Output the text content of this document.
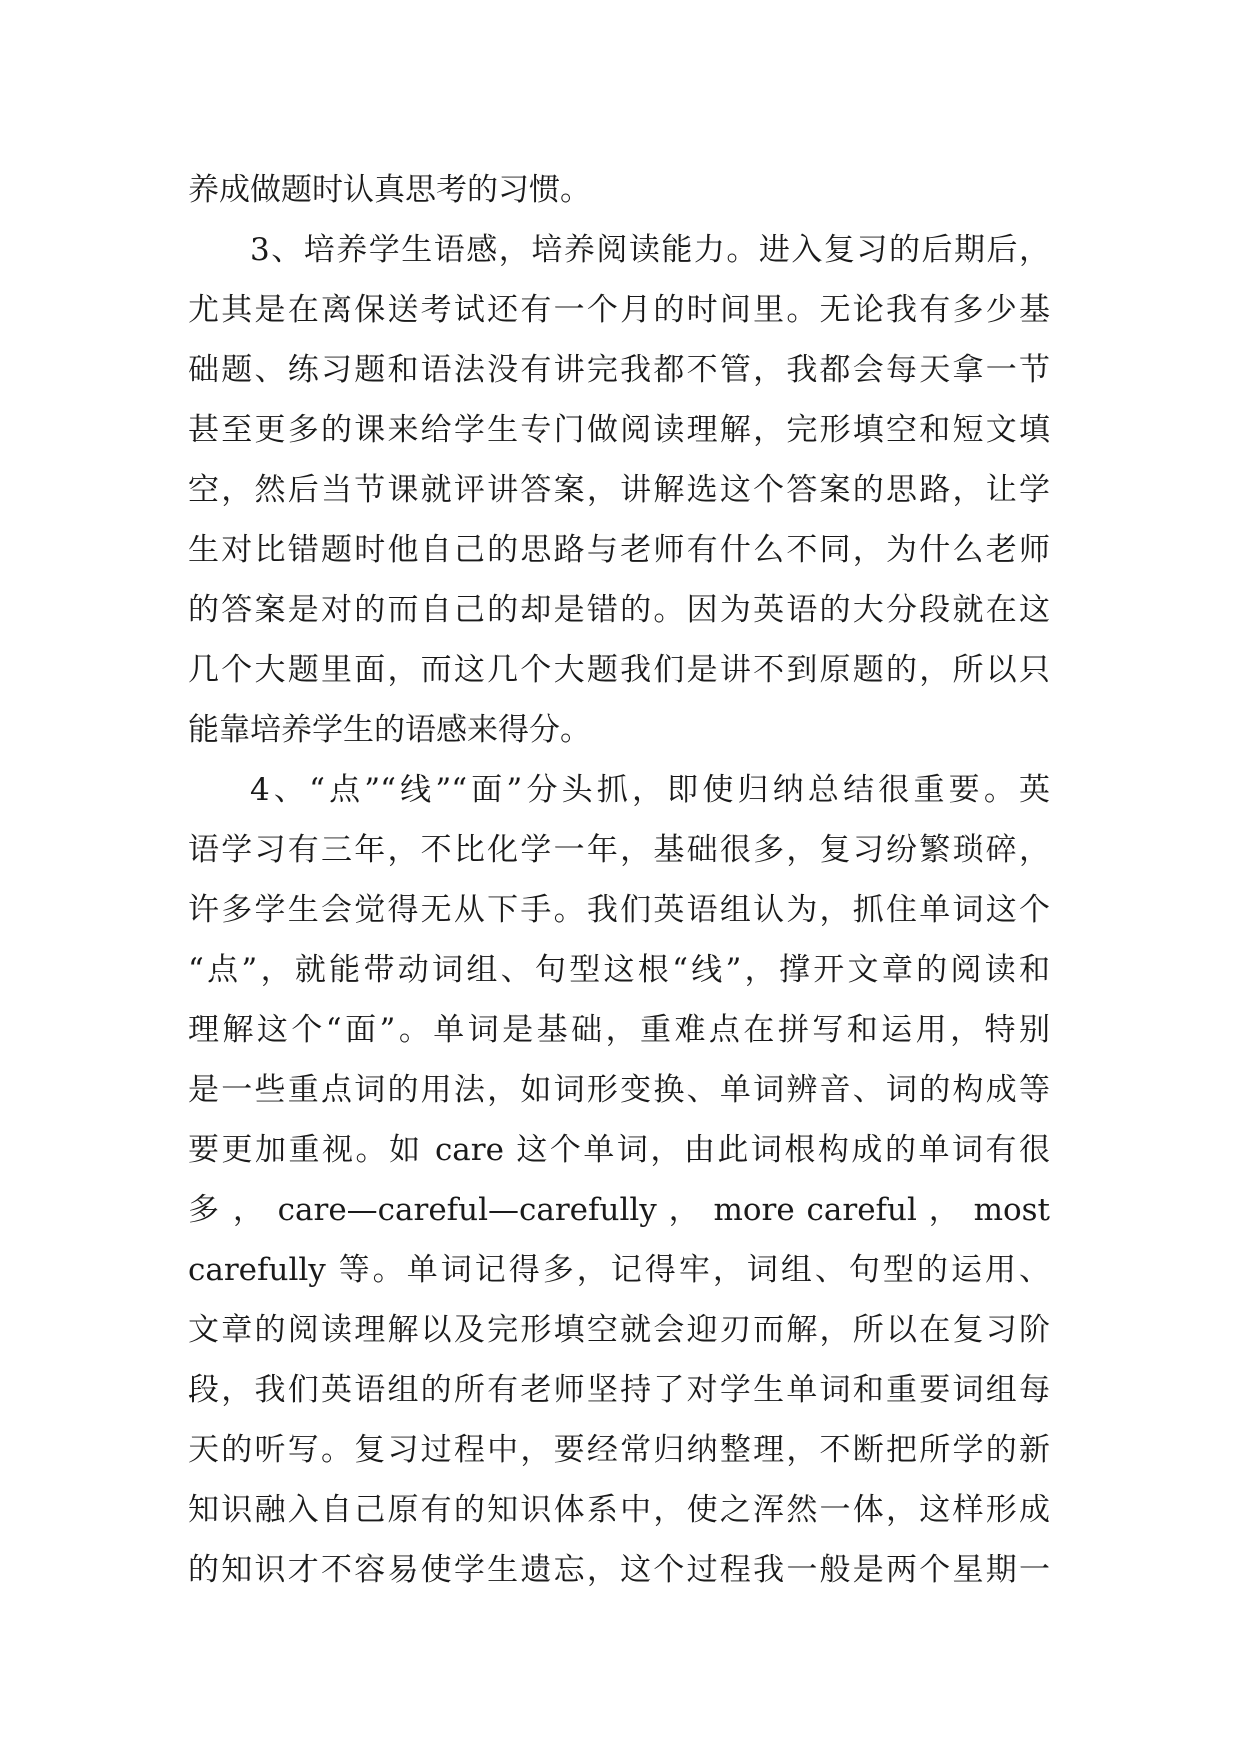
养成做题时认真思考的习惯。
3、培养学生语感，培养阅读能力。进入复习的后期后，
尤其是在离保送考试还有一个月的时间里。无论我有多少基
础题、练习题和语法没有讲完我都不管，我都会每天拿一节
甚至更多的课来给学生专门做阅读理解，完形填空和短文填
空，然后当节课就评讲答案，讲解选这个答案的思路，让学
生对比错题时他自己的思路与老师有什么不同，为什么老师
的答案是对的而自己的却是错的。因为英语的大分段就在这
几个大题里面，而这几个大题我们是讲不到原题的，所以只
能靠培养学生的语感来得分。
4、“点”“线”“面”分头抓，即使归纳总结很重要。英
语学习有三年，不比化学一年，基础很多，复习纷繁琐碎，
许多学生会觉得无从下手。我们英语组认为，抓住单词这个
“点”，就能带动词组、句型这根“线”，撑开文章的阅读和
理解这个“面”。单词是基础，重难点在拼写和运用，特别
是一些重点词的用法，如词形变换、单词辨音、词的构成等
要更加重视。如 care 这个单词，由此词根构成的单词有很
多 ， care—careful—carefully ， more careful ， most
carefully 等。单词记得多，记得牢，词组、句型的运用、
文章的阅读理解以及完形填空就会迎刃而解，所以在复习阶
段，我们英语组的所有老师坚持了对学生单词和重要词组每
天的听写。复习过程中，要经常归纳整理，不断把所学的新
知识融入自己原有的知识体系中，使之浑然一体，这样形成
的知识才不容易使学生遗忘，这个过程我一般是两个星期一
